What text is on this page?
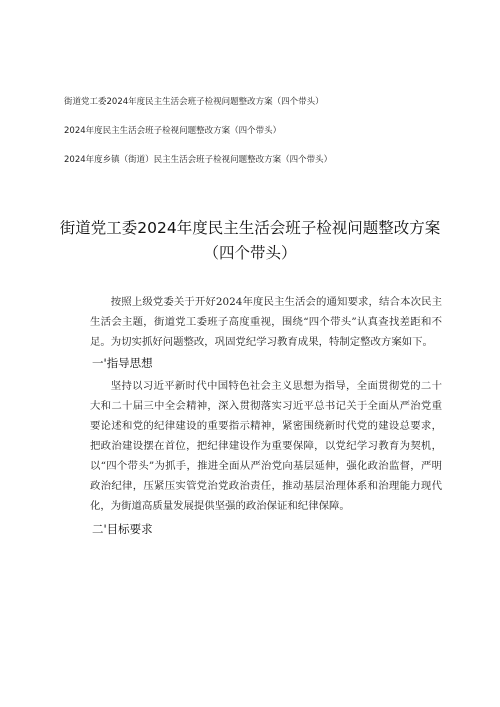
街道党工委2024年度民主生活会班子检视问题整改方案（四个带头）
2024年度民主生活会班子检视问题整改方案（四个带头）
2024年度乡镇（街道）民主生活会班子检视问题整改方案（四个带头）
街道党工委2024年度民主生活会班子检视问题整改方案
（四个带头）

按照上级党委关于开好2024年度民主生活会的通知要求，结合本次民主生活会主题，街道党工委班子高度重视，围绕“四个带头”认真查找差距和不足。为切实抓好问题整改，巩固党纪学习教育成果，特制定整改方案如下。

一'指导思想

坚持以习近平新时代中国特色社会主义思想为指导，全面贯彻党的二十大和二十届三中全会精神，深入贯彻落实习近平总书记关于全面从严治党重要论述和党的纪律建设的重要指示精神，紧密围绕新时代党的建设总要求，把政治建设摆在首位，把纪律建设作为重要保障，以党纪学习教育为契机，以“四个带头”为抓手，推进全面从严治党向基层延伸，强化政治监督，严明政治纪律，压紧压实管党治党政治责任，推动基层治理体系和治理能力现代化，为街道高质量发展提供坚强的政治保证和纪律保障。

二'目标要求
